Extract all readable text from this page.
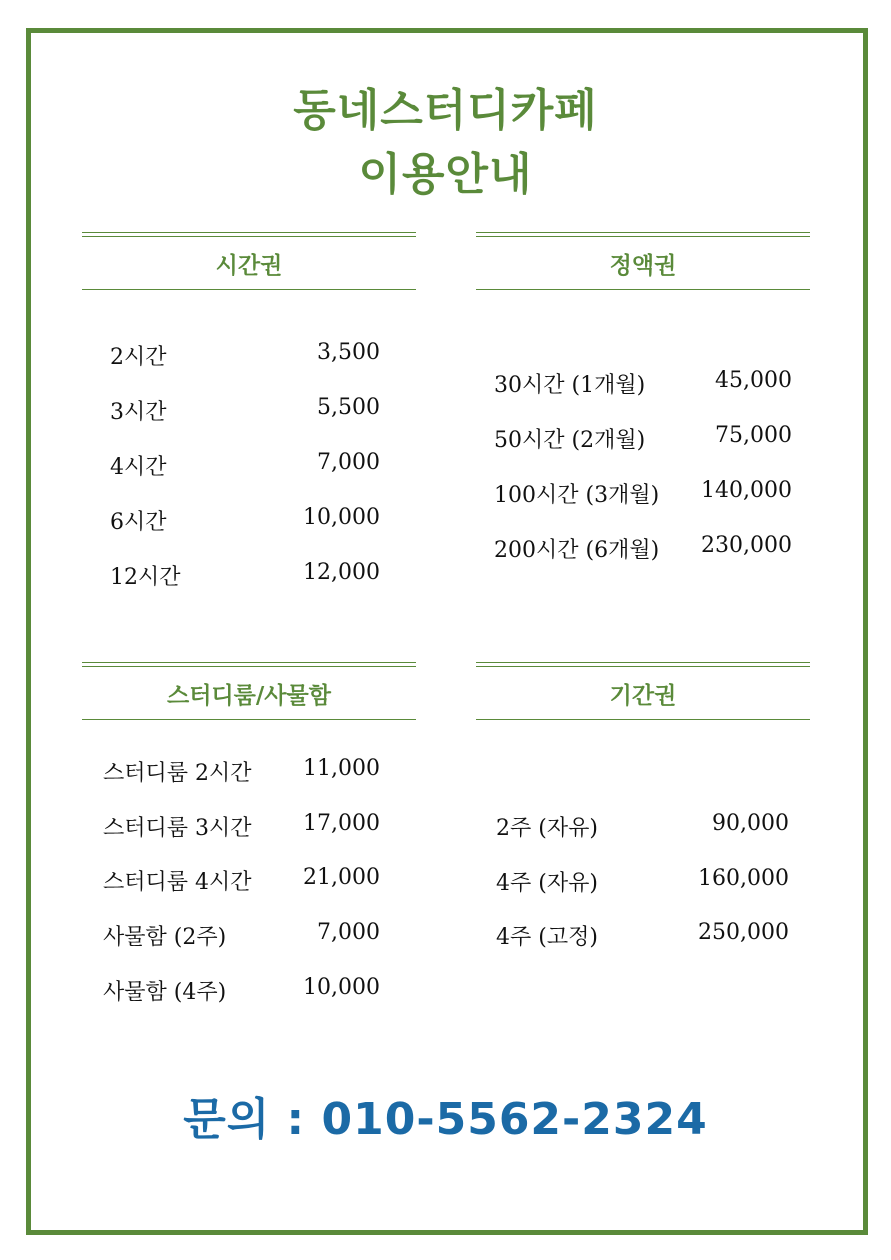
동네스터디카페
이용안내
시간권
2시간	3,500
3시간	5,500
4시간	7,000
6시간	10,000
12시간	12,000
정액권
30시간 (1개월)	45,000
50시간 (2개월)	75,000
100시간 (3개월) 140,000
200시간 (6개월) 230,000
스터디룸/사물함
스터디룸 2시간 11,000
스터디룸 3시간 17,000
스터디룸 4시간 21,000
사물함 (2주)	7,000
사물함 (4주)	10,000
기간권
2주 (자유)	90,000
4주 (자유)	160,000
4주 (고정)	250,000
문의 : 010-5562-2324
